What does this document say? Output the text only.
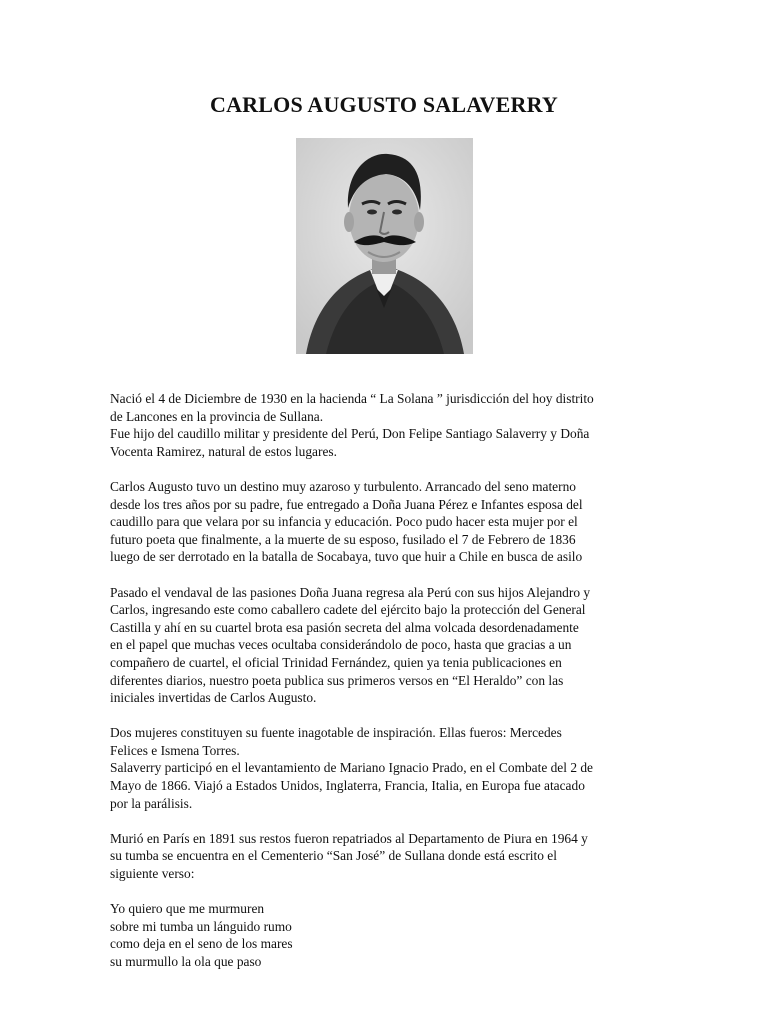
CARLOS AUGUSTO SALAVERRY

Nació el 4 de Diciembre de 1930 en la hacienda “ La Solana ” jurisdicción del hoy distrito
de Lancones en la provincia de Sullana.
Fue hijo del caudillo militar y presidente del Perú, Don Felipe Santiago Salaverry y Doña
Vocenta Ramirez, natural de estos lugares.

Carlos Augusto tuvo un destino muy azaroso y turbulento. Arrancado del seno materno
desde los tres años por su padre, fue entregado a Doña Juana Pérez e Infantes esposa del
caudillo para que velara por su infancia y educación. Poco pudo hacer esta mujer por el
futuro poeta que finalmente, a la muerte de su esposo, fusilado el 7 de Febrero de 1836
luego de ser derrotado en la batalla de Socabaya, tuvo que huir a Chile en busca de asilo

Pasado el vendaval de las pasiones Doña Juana regresa ala Perú con sus hijos Alejandro y
Carlos, ingresando este como caballero cadete del ejército bajo la protección del General
Castilla y ahí en su cuartel brota esa pasión secreta del alma volcada desordenadamente
en el papel que muchas veces ocultaba considerándolo de poco, hasta que gracias a un
compañero de cuartel, el oficial Trinidad Fernández, quien ya tenia publicaciones en
diferentes diarios, nuestro poeta publica sus primeros versos en “El Heraldo” con las
iniciales invertidas de Carlos Augusto.

Dos mujeres constituyen su fuente inagotable de inspiración. Ellas fueros: Mercedes
Felices e Ismena Torres.
Salaverry participó en el levantamiento de Mariano Ignacio Prado, en el Combate del 2 de
Mayo de 1866. Viajó a Estados Unidos, Inglaterra, Francia, Italia, en Europa fue atacado
por la parálisis.

Murió en París en 1891 sus restos fueron repatriados al Departamento de Piura en 1964 y
su tumba se encuentra en el Cementerio “San José” de Sullana donde está escrito el
siguiente verso:

Yo quiero que me murmuren
sobre mi tumba un lánguido rumo
como deja en el seno de los mares
su murmullo la ola que paso
